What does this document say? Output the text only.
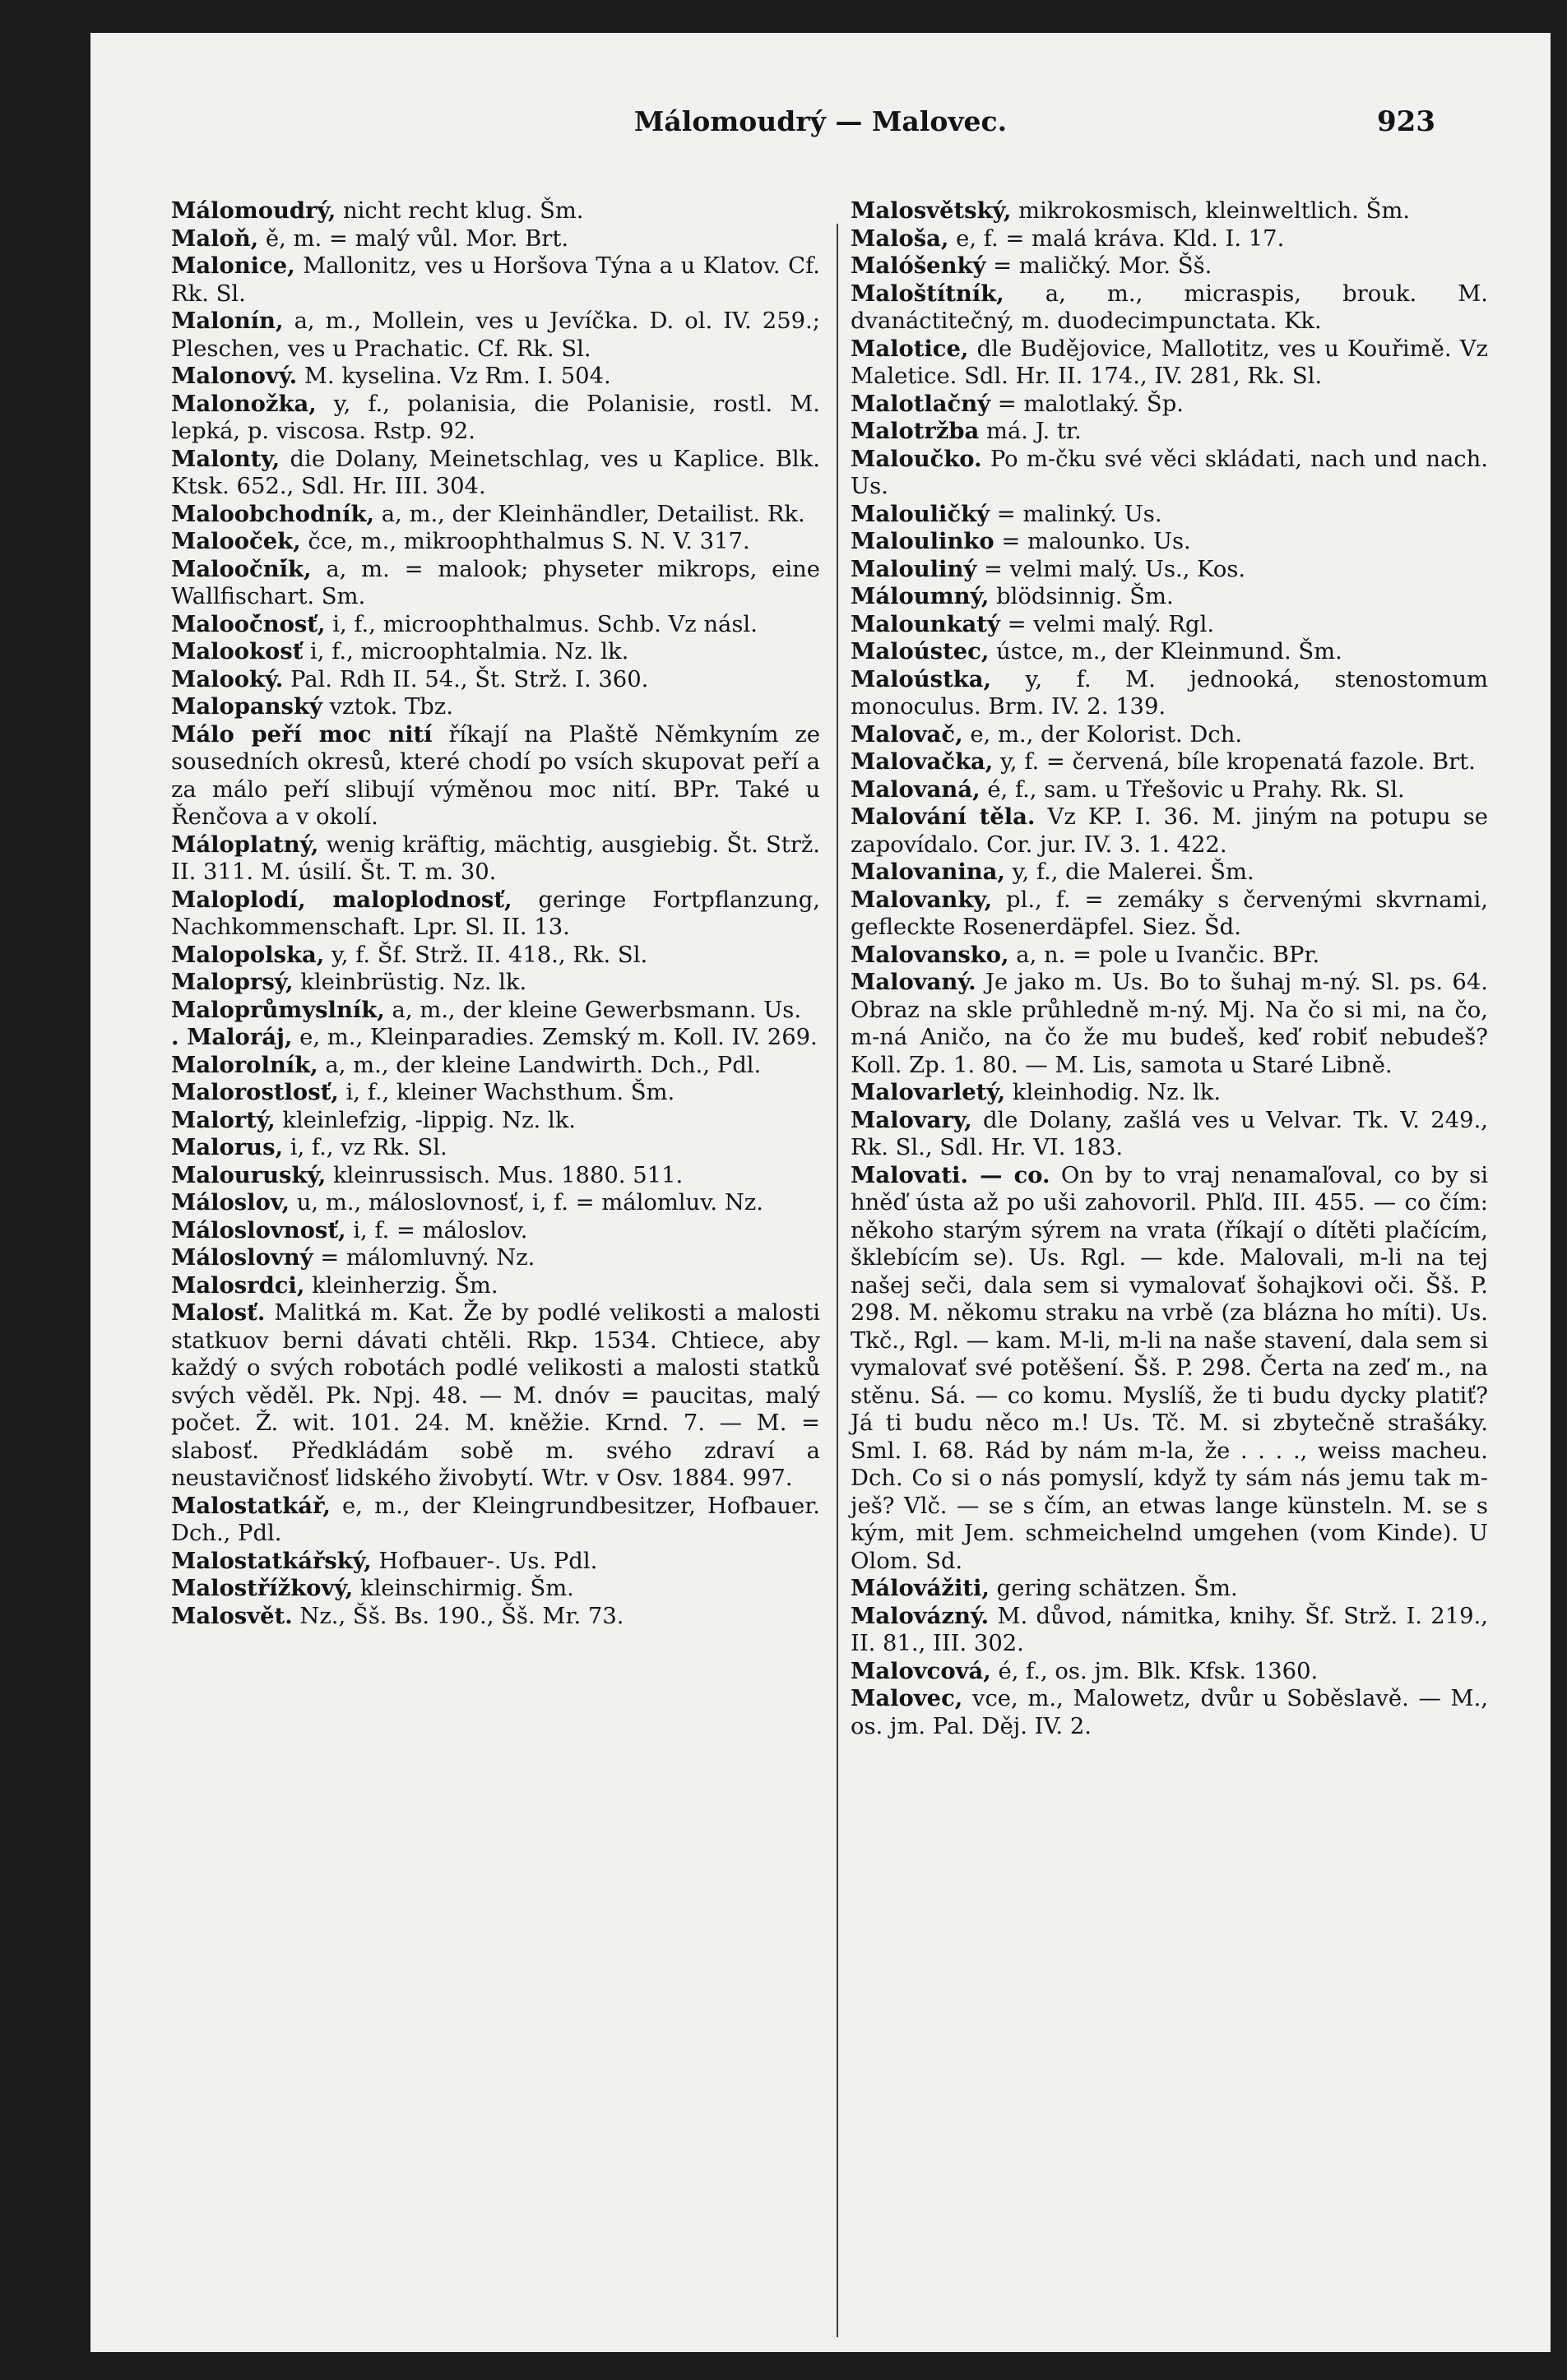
Málomoudrý — Malovec.	923

Málomoudrý, nicht recht klug. Šm.

Maloň, ě, m. = malý vůl. Mor. Brt.

Malonice, Mallonitz, ves u Horšova Týna a u Klatov. Cf. Rk. Sl.

Malonín, a, m., Mollein, ves u Jevíčka. D. ol. IV. 259.; Pleschen, ves u Prachatic. Cf. Rk. Sl.

Malonový. M. kyselina. Vz Rm. I. 504.

Malonožka, y, f., polanisia, die Polanisie, rostl. M. lepká, p. viscosa. Rstp. 92.

Malonty, die Dolany, Meinetschlag, ves u Kaplice. Blk. Ktsk. 652., Sdl. Hr. III. 304.

Maloobchodník, a, m., der Kleinhändler, Detailist. Rk.

Malooček, čce, m., mikroophthalmus S. N. V. 317.

Malooční̇k, a, m. = malook; physeter mikrops, eine Wallfischart. Sm.

Malooč̇nosť, i, f., microophthalmus. Schb. Vz násl.

Malookosť i, f., microophtalmia. Nz. lk.

Malooký. Pal. Rdh II. 54., Št. Strž. I. 360.

Malopanský vztok. Tbz.

Málo peří moc nití říkají na Plaště Němkyním ze sousedních okresů, které chodí po vsích skupovat peří a za málo peří slibují výměnou moc nití. BPr. Také u Řenčova a v okolí.

Máloplatný, wenig kräftig, mächtig, ausgiebig. Št. Strž. II. 311. M. úsilí. Št. T. m. 30.

Maloplodí, maloplodnosť, geringe Fortpflanzung, Nachkommenschaft. Lpr. Sl. II. 13.

Malopolska, y, f. Šf. Strž. II. 418., Rk. Sl.

Maloprsý, kleinbrüstig. Nz. lk.

Maloprůmyslník, a, m., der kleine Gewerbsmann. Us.

. Maloráj, e, m., Kleinparadies. Zemský m. Koll. IV. 269.

Malorolník, a, m., der kleine Landwirth. Dch., Pdl.

Malorostlosť, i, f., kleiner Wachsthum. Šm.

Malortý, kleinlefzig, -lippig. Nz. lk.

Malorus, i, f., vz Rk. Sl.

Malouruský, kleinrussisch. Mus. 1880. 511.

Máloslov, u, m., máloslovnosť, i, f. = málomluv. Nz.

Máloslovnosť, i, f. = máloslov.

Máloslovný = málomluvný. Nz.

Malosrdci, kleinherzig. Šm.

Malosť. Malitká m. Kat. Že by podlé velikosti a malosti statkuov berni dávati chtěli. Rkp. 1534. Chtiece, aby každý o svých robotách podlé velikosti a malosti statků svých věděl. Pk. Npj. 48. — M. dnóv = paucitas, malý počet. Ž. wit. 101. 24. M. kněžie. Krnd. 7. — M. = slabosť. Předkládám sobě m. svého zdraví a neustavičnosť lidského živobytí. Wtr. v Osv. 1884. 997.

Malostatkář, e, m., der Kleingrundbesitzer, Hofbauer. Dch., Pdl.

Malostatkářský, Hofbauer-. Us. Pdl.

Malostřížkový, kleinschirmig. Šm.

Malosvět. Nz., Šš. Bs. 190., Šš. Mr. 73.

Malosvětský, mikrokosmisch, kleinweltlich. Šm.

Maloša, e, f. = malá kráva. Kld. I. 17.

Malóšenký = maličký. Mor. Šš.

Maloštítník, a, m., micraspis, brouk. M. dvanáctitečný, m. duodecimpunctata. Kk.

Malotice, dle Budějovice, Mallotitz, ves u Kouřimě. Vz Maletice. Sdl. Hr. II. 174., IV. 281, Rk. Sl.

Malotlačný = malotlaký. Šp.

Malotržba má. J. tr.

Maloučko. Po m-čku své věci skládati, nach und nach. Us.

Malouličký = malinký. Us.

Maloulinko = malounko. Us.

Malouliný = velmi malý. Us., Kos.

Máloumný, blödsinnig. Šm.

Malounkatý = velmi malý. Rgl.

Maloústec, ústce, m., der Kleinmund. Šm.

Maloústka, y, f. M. jednooká, stenostomum monoculus. Brm. IV. 2. 139.

Malovač, e, m., der Kolorist. Dch.

Malovačka, y, f. = červená, bíle kropenatá fazole. Brt.

Malovaná, é, f., sam. u Třešovic u Prahy. Rk. Sl.

Malování těla. Vz KP. I. 36. M. jiným na potupu se zapovídalo. Cor. jur. IV. 3. 1. 422.

Malovanina, y, f., die Malerei. Šm.

Malovanky, pl., f. = zemáky s červenými skvrnami, gefleckte Rosenerdäpfel. Siez. Šd.

Malovansko, a, n. = pole u Ivančic. BPr.

Malovaný. Je jako m. Us. Bo to šuhaj m-ný. Sl. ps. 64. Obraz na skle průhledně m-ný. Mj. Na čo si mi, na čo, m-ná Aničo, na čo že mu budeš, keď robiť nebudeš? Koll. Zp. 1. 80. — M. Lis, samota u Staré Libně.

Malovarletý, kleinhodig. Nz. lk.

Malovary, dle Dolany, zašlá ves u Velvar. Tk. V. 249., Rk. Sl., Sdl. Hr. VI. 183.

Malovati. — co. On by to vraj nenamaľoval, co by si hněď ústa až po uši zahovoril. Phľd. III. 455. — co čím: někoho starým sýrem na vrata (říkají o dítěti plačícím, šklebícím se). Us. Rgl. — kde. Malovali, m-li na tej našej seči, dala sem si vymalovať šohajkovi oči. Šš. P. 298. M. někomu straku na vrbě (za blázna ho míti). Us. Tkč., Rgl. — kam. M-li, m-li na naše stavení, dala sem si vymalovať své potěšení. Šš. P. 298. Čerta na zeď m., na stěnu. Sá. — co komu. Myslíš, že ti budu dycky platiť? Já ti budu něco m.! Us. Tč. M. si zbytečně strašáky. Sml. I. 68. Rád by nám m-la, že . . . ., weiss macheu. Dch. Co si o nás pomyslí, když ty sám nás jemu tak m-ješ? Vlč. — se s čím, an etwas lange künsteln. M. se s kým, mit Jem. schmeichelnd umgehen (vom Kinde). U Olom. Sd.

Málovážiti, gering schätzen. Šm.

Malovázný. M. důvod, námitka, knihy. Šf. Strž. I. 219., II. 81., III. 302.

Malovcová, é, f., os. jm. Blk. Kfsk. 1360.

Malovec, vce, m., Malowetz, dvůr u Soběslavě. — M., os. jm. Pal. Děj. IV. 2.
